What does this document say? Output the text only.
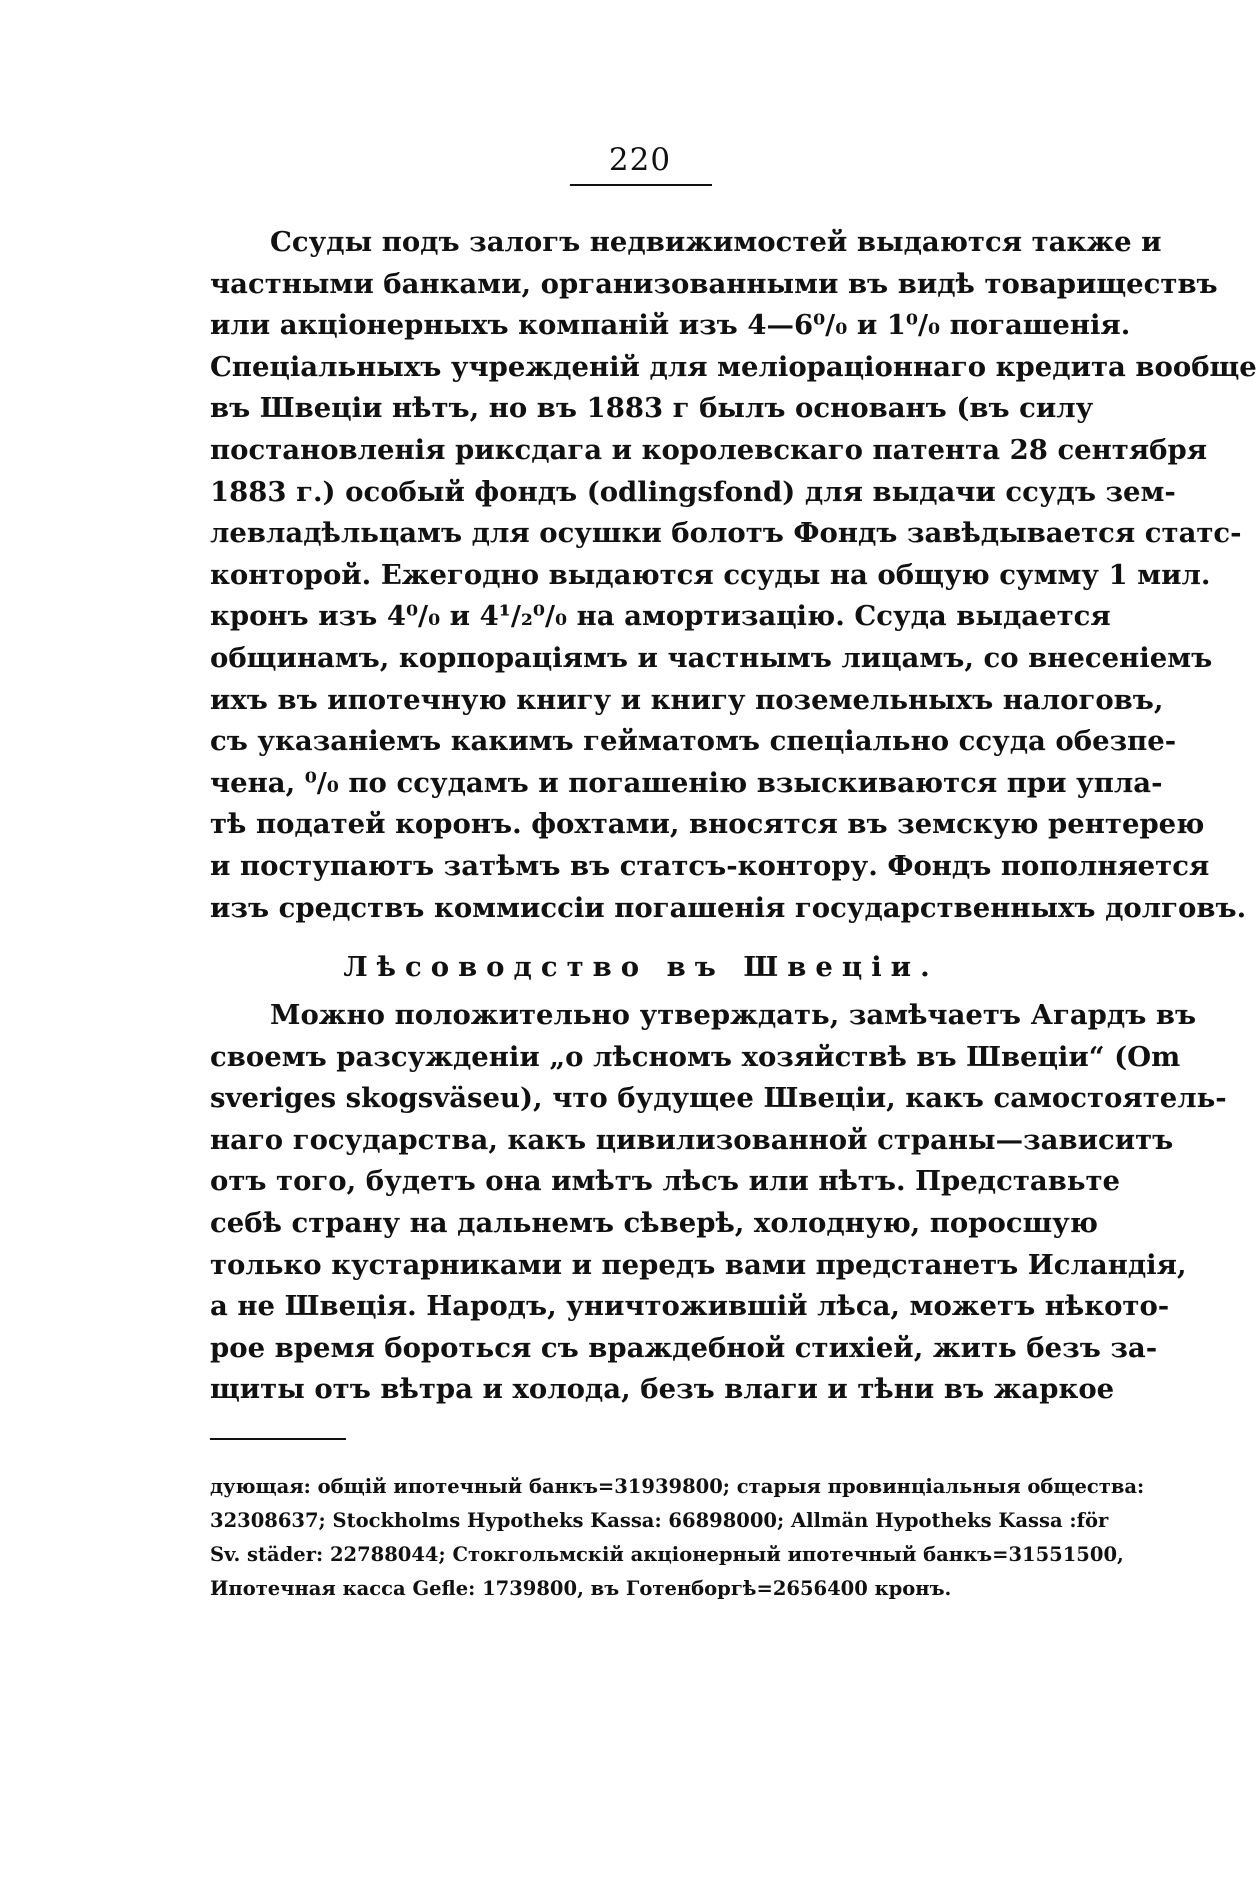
220
Ссуды подъ залогъ недвижимостей выдаются также и
частными банками, организованными въ видѣ товариществъ
или акціонерныхъ компаній изъ 4—6⁰/₀ и 1⁰/₀ погашенія.
Спеціальныхъ учрежденій для меліораціоннаго кредита вообще
въ Швеціи нѣтъ, но въ 1883 г былъ основанъ (въ силу
постановленія риксдага и королевскаго патента 28 сентября
1883 г.) особый фондъ (odlingsfond) для выдачи ссудъ зем-
левладѣльцамъ для осушки болотъ Фондъ завѣдывается статс-
конторой. Ежегодно выдаются ссуды на общую сумму 1 мил.
кронъ изъ 4⁰/₀ и 4¹/₂⁰/₀ на амортизацію. Ссуда выдается
общинамъ, корпораціямъ и частнымъ лицамъ, со внесеніемъ
ихъ въ ипотечную книгу и книгу поземельныхъ налоговъ,
съ указаніемъ какимъ гейматомъ спеціально ссуда обезпе-
чена, ⁰/₀ по ссудамъ и погашенію взыскиваются при упла-
тѣ податей коронъ. фохтами, вносятся въ земскую рентерею
и поступаютъ затѣмъ въ статсъ-контору. Фондъ пополняется
изъ средствъ коммиссіи погашенія государственныхъ долговъ.
Лѣсоводство въ Швеціи.
Можно положительно утверждать, замѣчаетъ Агардъ въ
своемъ разсужденіи „о лѣсномъ хозяйствѣ въ Швеціи“ (Om
sveriges skogsväseu), что будущее Швеціи, какъ самостоятель-
наго государства, какъ цивилизованной страны—зависитъ
отъ того, будетъ она имѣтъ лѣсъ или нѣтъ. Представьте
себѣ страну на дальнемъ сѣверѣ, холодную, поросшую
только кустарниками и передъ вами предстанетъ Исландія,
а не Швеція. Народъ, уничтожившій лѣса, можетъ нѣкото-
рое время бороться съ враждебной стихіей, жить безъ за-
щиты отъ вѣтра и холода, безъ влаги и тѣни въ жаркое
дующая: общій ипотечный банкъ=31939800; старыя провинціальныя общества:
32308637; Stockholms Hypotheks Kassa: 66898000; Allmän Hypotheks Kassa :för
Sv. städer: 22788044; Стокгольмскій акціонерный ипотечный банкъ=31551500,
Ипотечная касса Gefle: 1739800, въ Готенборгѣ=2656400 кронъ.
